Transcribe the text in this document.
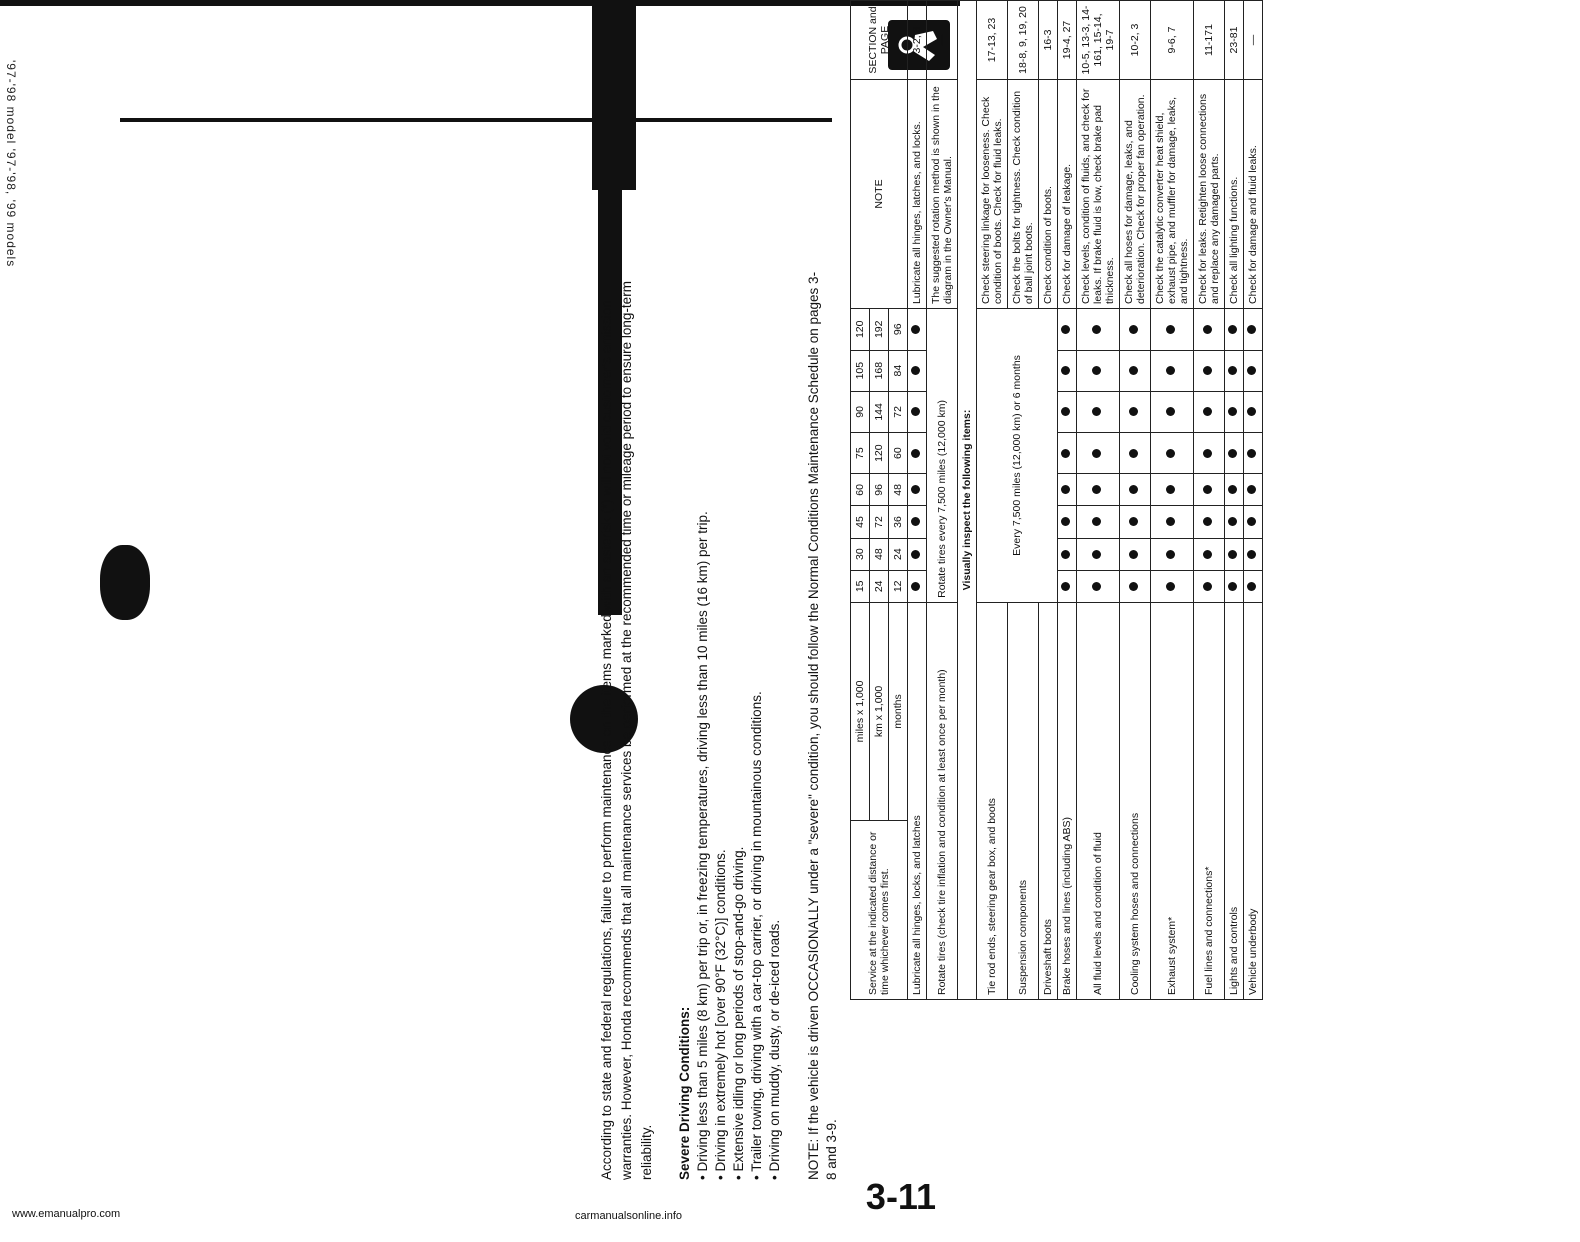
'97-'98 model '97-'98, '99 models
Service at the indicated distance or time whichever comes first.	miles x 1,000	15	30	45	60	75	90	105	120	NOTE	SECTION and PAGE
	km x 1,000	24	48	72	96	120	144	168	192		
	months	12	24	36	48	60	72	84	96		
Lubricate all hinges, locks, and latches										Lubricate all hinges, latches, and locks.	3-2, 3
Rotate tires (check tire inflation and condition at least once per month)		Rotate tires every 7,500 miles (12,000 km)								The suggested rotation method is shown in the diagram in the Owner's Manual.	—
Visually inspect the following items:											
Tie rod ends, steering gear box, and boots		Every 7,500 miles (12,000 km) or 6 months								Check steering linkage for looseness. Check condition of boots. Check for fluid leaks.	17-13, 23
Suspension components										Check the bolts for tightness. Check condition of ball joint boots.	18-8, 9, 19, 20
Driveshaft boots										Check condition of boots.	16-3
Brake hoses and lines (including ABS)										Check for damage of leakage.	19-4, 27
All fluid levels and condition of fluid										Check levels, condition of fluids, and check for leaks. If brake fluid is low, check brake pad thickness.	10-5, 13-3, 14-161, 15-14, 19-7
Cooling system hoses and connections										Check all hoses for damage, leaks, and deterioration. Check for proper fan operation.	10-2, 3
Exhaust system*										Check the catalytic converter heat shield, exhaust pipe, and muffler for damage, leaks, and tightness.	9-6, 7
Fuel lines and connections*										Check for leaks. Retighten loose connections and replace any damaged parts.	11-171
Lights and controls										Check all lighting functions.	23-81
Vehicle underbody										Check for damage and fluid leaks.	—
According to state and federal regulations, failure to perform maintenance on the items marked with an asterisk (*) will not void customer's emission warranties. However, Honda recommends that all maintenance services be performed at the recommended time or mileage period to ensure long-term reliability. Severe Driving Conditions: • Driving less than 5 miles (8 km) per trip or, in freezing temperatures, driving less than 10 miles (16 km) per trip. • Driving in extremely hot [over 90°F (32°C)] conditions. • Extensive idling or long periods of stop-and-go driving. • Trailer towing, driving with a car-top carrier, or driving in mountainous conditions. • Driving on muddy, dusty, or de-iced roads. NOTE: If the vehicle is driven OCCASIONALLY under a "severe" condition, you should follow the Normal Conditions Maintenance Schedule on pages 3- 8 and 3-9.
3-11
www.emanualpro.com	carmanualsonline.info
